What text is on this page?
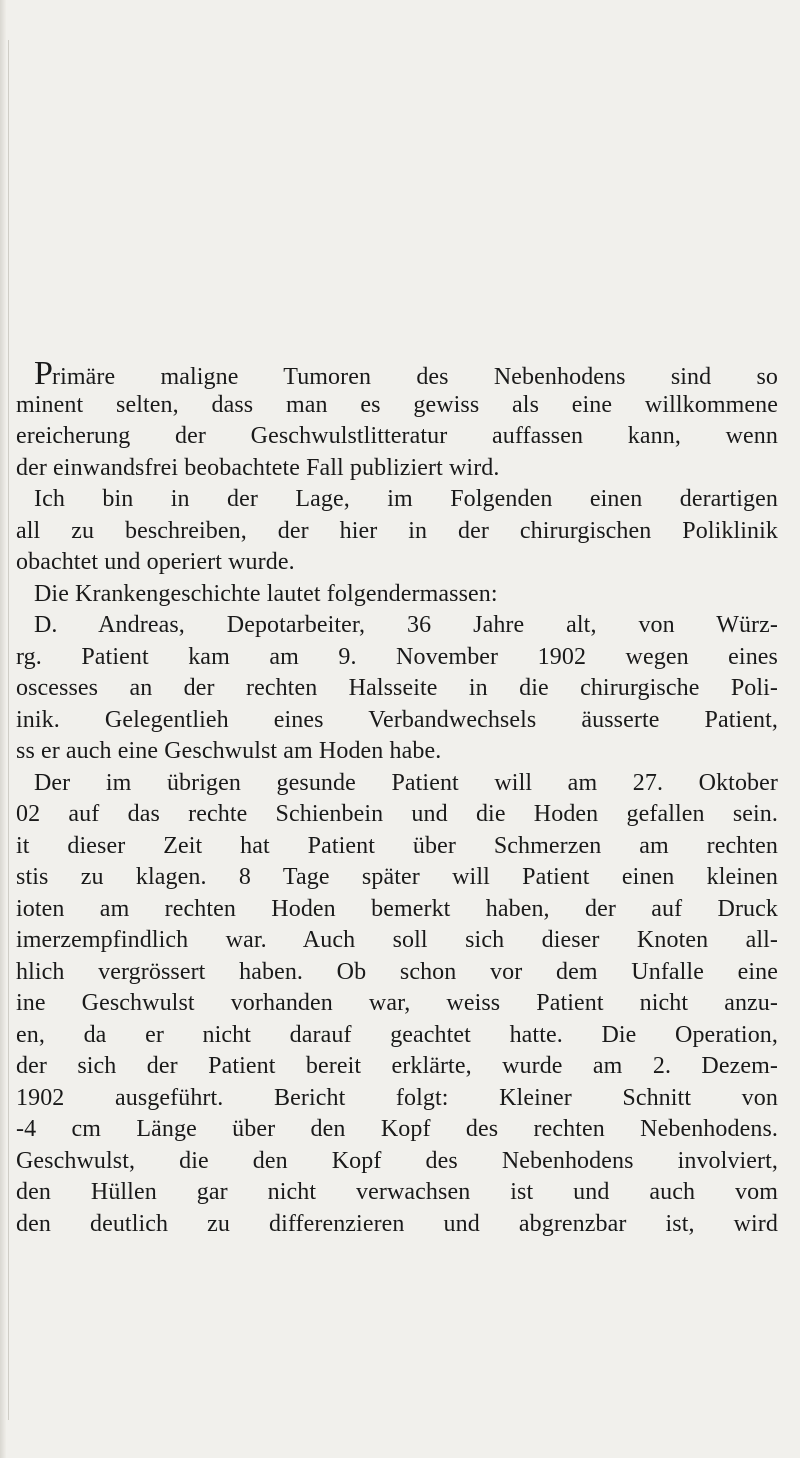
Primäre maligne Tumoren des Nebenhodens sind so
minent selten, dass man es gewiss als eine willkommene
ereicherung der Geschwulstlitteratur auffassen kann, wenn
der einwandsfrei beobachtete Fall publiziert wird.
Ich bin in der Lage, im Folgenden einen derartigen
all zu beschreiben, der hier in der chirurgischen Poliklinik
obachtet und operiert wurde.
Die Krankengeschichte lautet folgendermassen:
D. Andreas, Depotarbeiter, 36 Jahre alt, von Würz-
rg. Patient kam am 9. November 1902 wegen eines
oscesses an der rechten Halsseite in die chirurgische Poli-
inik. Gelegentlieh eines Verbandwechsels äusserte Patient,
ss er auch eine Geschwulst am Hoden habe.
Der im übrigen gesunde Patient will am 27. Oktober
02 auf das rechte Schienbein und die Hoden gefallen sein.
it dieser Zeit hat Patient über Schmerzen am rechten
stis zu klagen. 8 Tage später will Patient einen kleinen
ioten am rechten Hoden bemerkt haben, der auf Druck
imerzempfindlich war. Auch soll sich dieser Knoten all-
hlich vergrössert haben. Ob schon vor dem Unfalle eine
ine Geschwulst vorhanden war, weiss Patient nicht anzu-
en, da er nicht darauf geachtet hatte. Die Operation,
der sich der Patient bereit erklärte, wurde am 2. Dezem-
1902 ausgeführt. Bericht folgt: Kleiner Schnitt von
-4 cm Länge über den Kopf des rechten Nebenhodens.
Geschwulst, die den Kopf des Nebenhodens involviert,
den Hüllen gar nicht verwachsen ist und auch vom
den deutlich zu differenzieren und abgrenzbar ist, wird
